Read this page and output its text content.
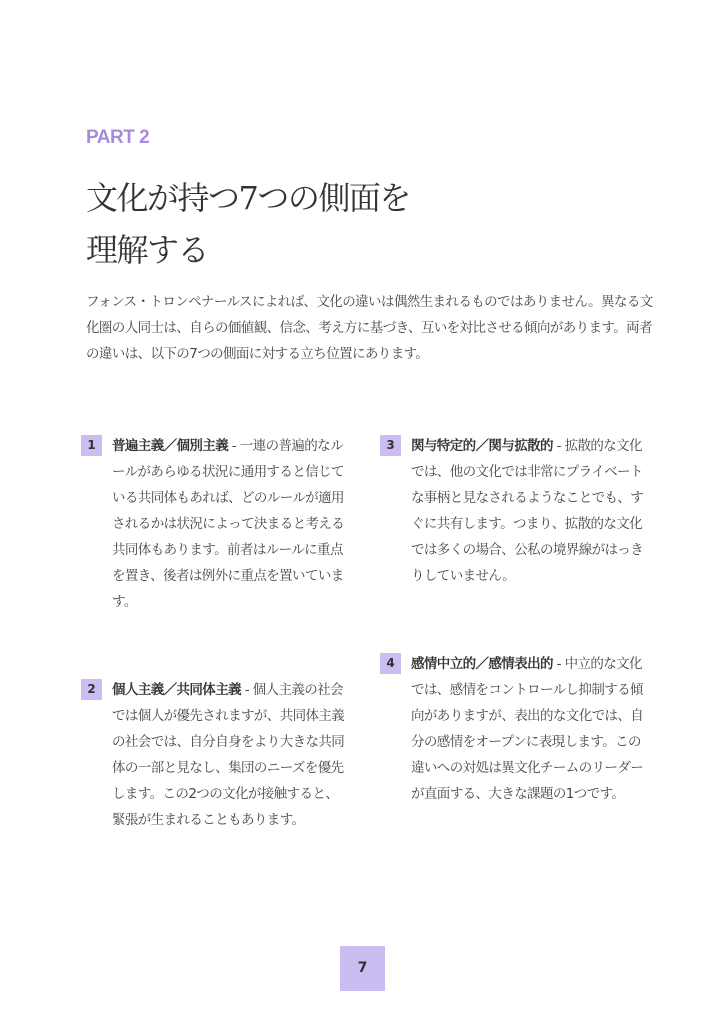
PART 2
文化が持つ7つの側面を
理解する

フォンス・トロンペナールスによれば、文化の違いは偶然生まれるものではありません。異なる文化圏の人同士は、自らの価値観、信念、考え方に基づき、互いを対比させる傾向があります。両者の違いは、以下の7つの側面に対する立ち位置にあります。

1	普遍主義／個別主義 - 一連の普遍的なルールがあらゆる状況に通用すると信じている共同体もあれば、どのルールが適用されるかは状況によって決まると考える共同体もあります。前者はルールに重点を置き、後者は例外に重点を置いています。
2	個人主義／共同体主義 - 個人主義の社会では個人が優先されますが、共同体主義の社会では、自分自身をより大きな共同体の一部と見なし、集団のニーズを優先します。この2つの文化が接触すると、緊張が生まれることもあります。
3	関与特定的／関与拡散的 - 拡散的な文化では、他の文化では非常にプライベートな事柄と見なされるようなことでも、すぐに共有します。つまり、拡散的な文化では多くの場合、公私の境界線がはっきりしていません。
4	感情中立的／感情表出的 - 中立的な文化では、感情をコントロールし抑制する傾向がありますが、表出的な文化では、自分の感情をオープンに表現します。この違いへの対処は異文化チームのリーダーが直面する、大きな課題の1つです。
7
